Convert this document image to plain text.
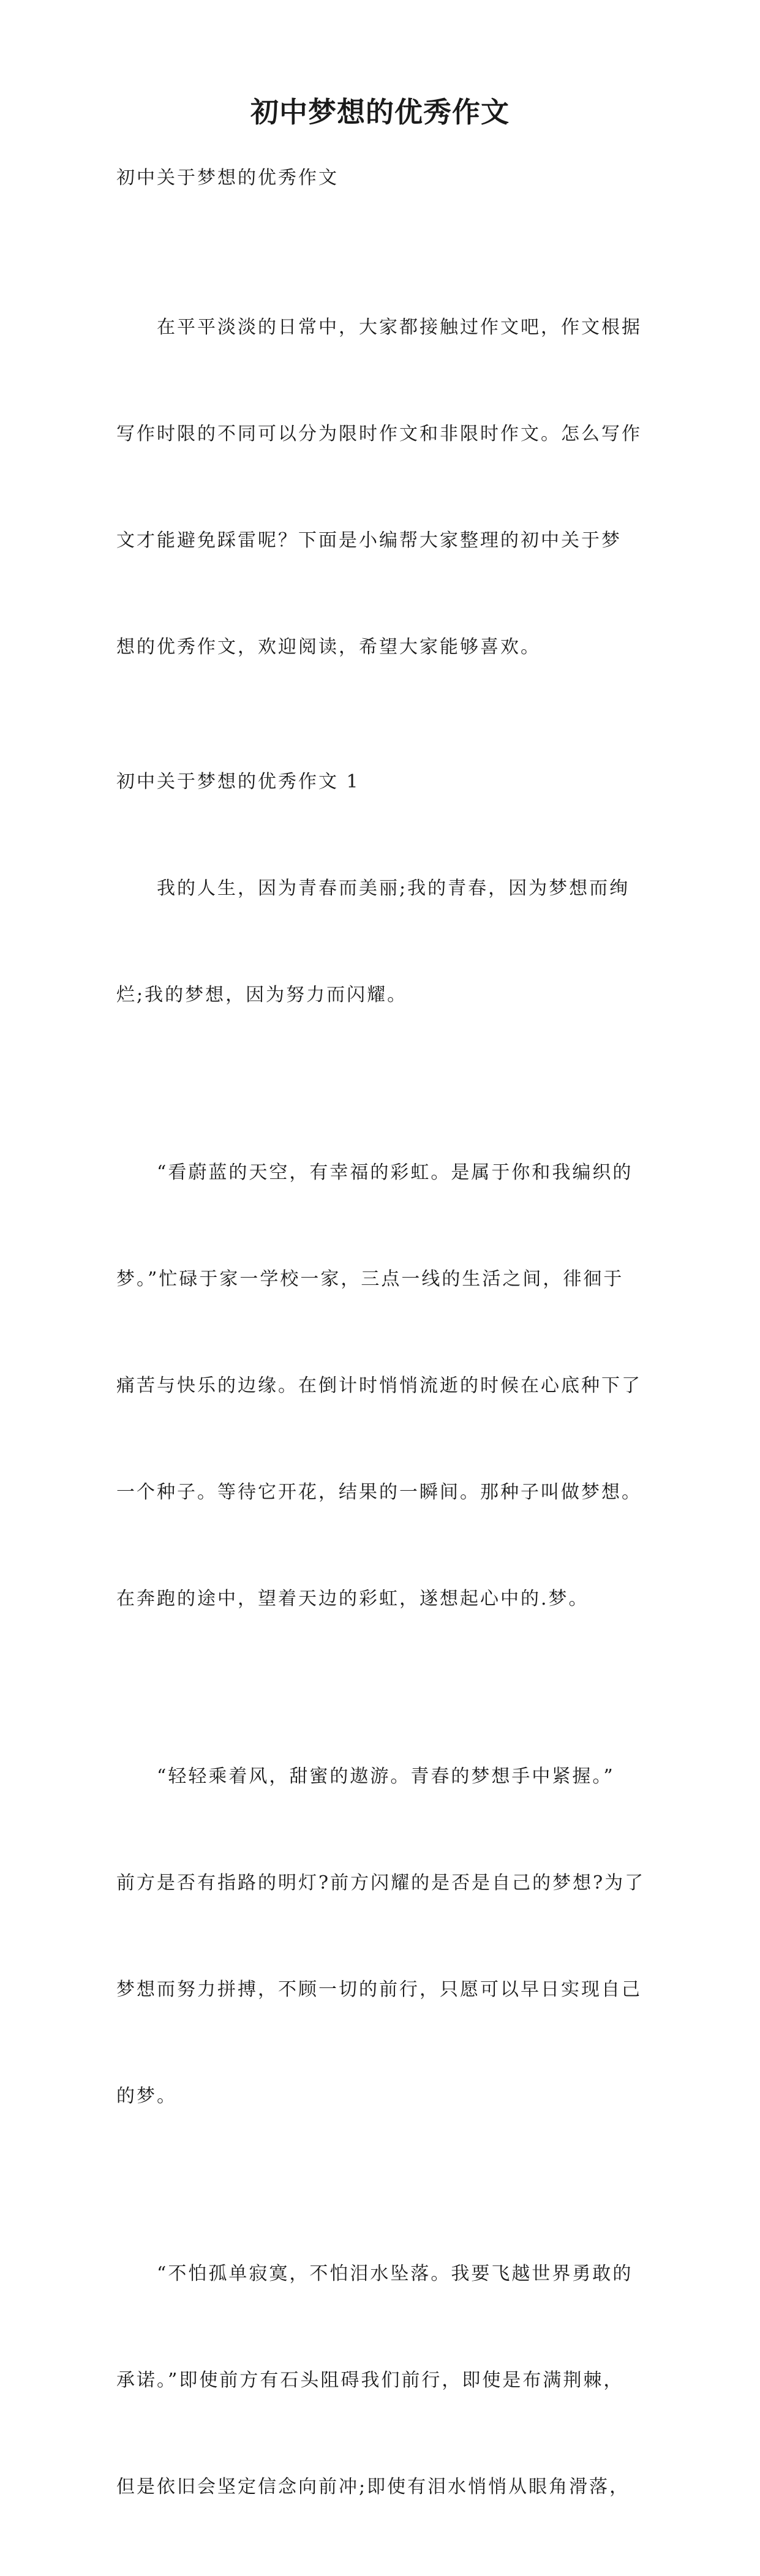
初中梦想的优秀作文

初中关于梦想的优秀作文

在平平淡淡的日常中，大家都接触过作文吧，作文根据

写作时限的不同可以分为限时作文和非限时作文。怎么写作

文才能避免踩雷呢？下面是小编帮大家整理的初中关于梦

想的优秀作文，欢迎阅读，希望大家能够喜欢。

初中关于梦想的优秀作文 1

我的人生，因为青春而美丽;我的青春，因为梦想而绚

烂;我的梦想，因为努力而闪耀。

“看蔚蓝的天空，有幸福的彩虹。是属于你和我编织的

梦。”忙碌于家一学校一家，三点一线的生活之间，徘徊于

痛苦与快乐的边缘。在倒计时悄悄流逝的时候在心底种下了

一个种子。等待它开花，结果的一瞬间。那种子叫做梦想。

在奔跑的途中，望着天边的彩虹，遂想起心中的.梦。

“轻轻乘着风，甜蜜的遨游。青春的梦想手中紧握。”

前方是否有指路的明灯?前方闪耀的是否是自己的梦想?为了

梦想而努力拼搏，不顾一切的前行，只愿可以早日实现自己

的梦。

“不怕孤单寂寞，不怕泪水坠落。我要飞越世界勇敢的

承诺。”即使前方有石头阻碍我们前行，即使是布满荆棘，

但是依旧会坚定信念向前冲;即使有泪水悄悄从眼角滑落，
